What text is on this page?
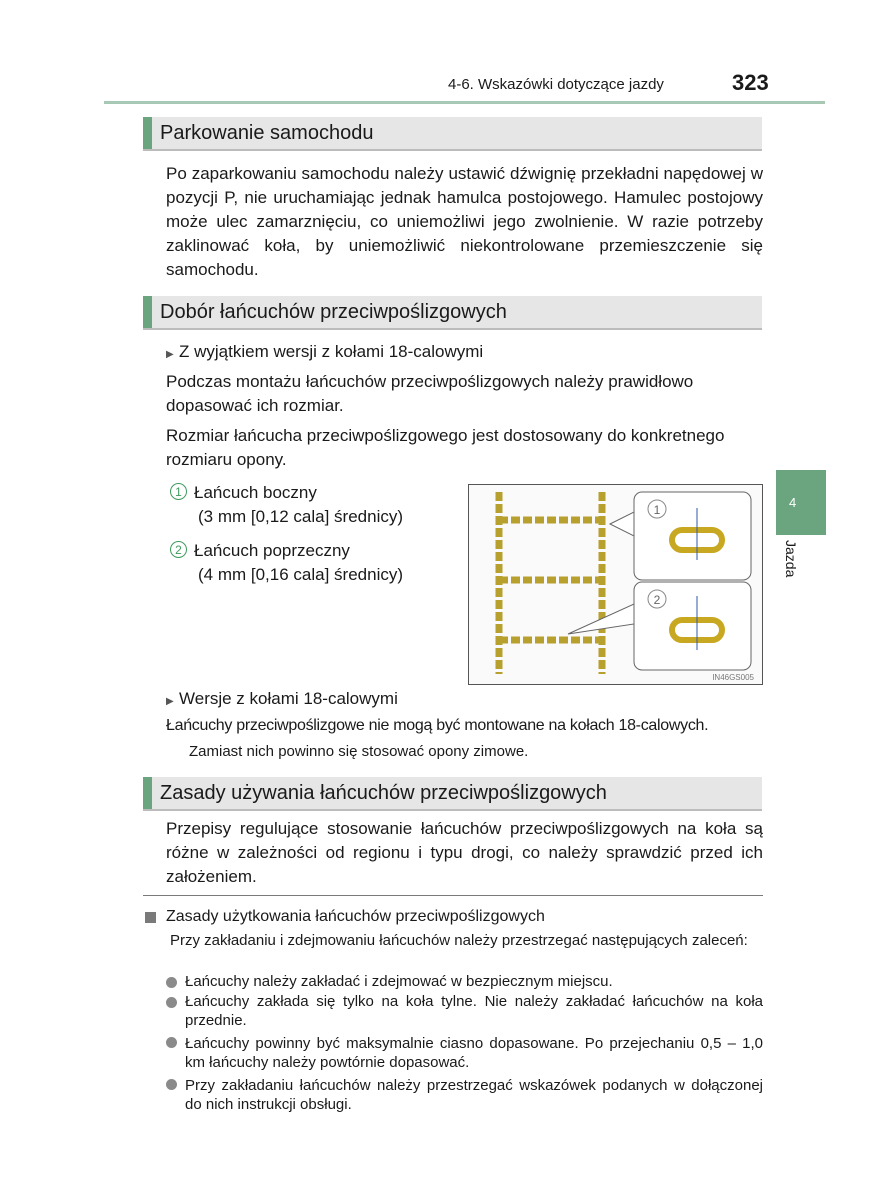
4-6. Wskazówki dotyczące jazdy	323
4
Jazda
Parkowanie samochodu
Po zaparkowaniu samochodu należy ustawić dźwignię przekładni napędowej w pozycji P, nie uruchamiając jednak hamulca postojowego. Hamulec postojowy może ulec zamarznięciu, co uniemożliwi jego zwolnienie. W razie potrzeby zaklinować koła, by uniemożliwić niekontrolowane przemieszczenie się samochodu.
Dobór łańcuchów przeciwpoślizgowych
▶ Z wyjątkiem wersji z kołami 18-calowymi
Podczas montażu łańcuchów przeciwpoślizgowych należy prawidłowo dopasować ich rozmiar.
Rozmiar łańcucha przeciwpoślizgowego jest dostosowany do konkretnego rozmiaru opony.
1 Łańcuch boczny
(3 mm [0,12 cala] średnicy)
2 Łańcuch poprzeczny
(4 mm [0,16 cala] średnicy)
1
2
IN46GS005
▶ Wersje z kołami 18-calowymi
Łańcuchy przeciwpoślizgowe nie mogą być montowane na kołach 18-calowych.
Zamiast nich powinno się stosować opony zimowe.
Zasady używania łańcuchów przeciwpoślizgowych
Przepisy regulujące stosowanie łańcuchów przeciwpoślizgowych na koła są różne w zależności od regionu i typu drogi, co należy sprawdzić przed ich założeniem.
Zasady użytkowania łańcuchów przeciwpoślizgowych
Przy zakładaniu i zdejmowaniu łańcuchów należy przestrzegać następujących zaleceń:
Łańcuchy należy zakładać i zdejmować w bezpiecznym miejscu.
Łańcuchy zakłada się tylko na koła tylne. Nie należy zakładać łańcuchów na koła przednie.
Łańcuchy powinny być maksymalnie ciasno dopasowane. Po przejechaniu 0,5 – 1,0 km łańcuchy należy powtórnie dopasować.
Przy zakładaniu łańcuchów należy przestrzegać wskazówek podanych w dołączonej do nich instrukcji obsługi.
